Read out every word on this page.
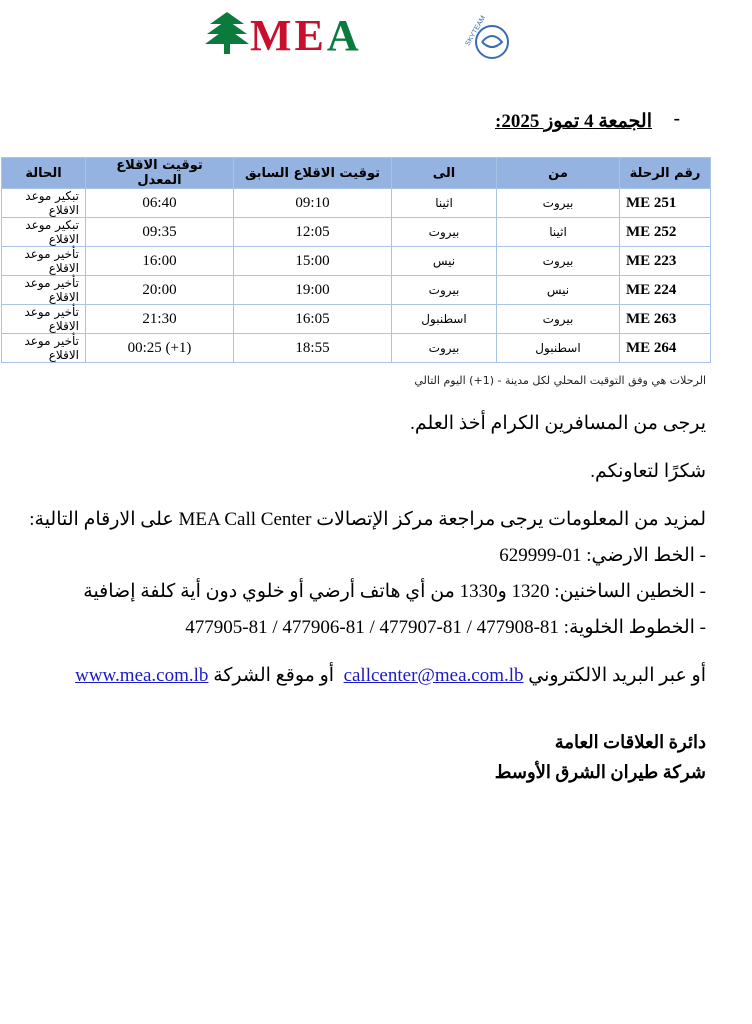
MEA	SKYTEAM
الجمعة 4 تموز 2025: -
رقم الرحلة	من	الى	توقيت الاقلاع السابق	توقيت الاقلاع المعدل	الحالة
ME 251	بيروت	اثينا	09:10	06:40	تبكير موعد الاقلاع
ME 252	اثينا	بيروت	12:05	09:35	تبكير موعد الاقلاع
ME 223	بيروت	نيس	15:00	16:00	تأخير موعد الاقلاع
ME 224	نيس	بيروت	19:00	20:00	تأخير موعد الاقلاع
ME 263	بيروت	اسطنبول	16:05	21:30	تأخير موعد الاقلاع
ME 264	اسطنبول	بيروت	18:55	00:25 (+1)	تأخير موعد الاقلاع
الرحلات هي وفق التوقيت المحلي لكل مدينة - (1+) اليوم التالي
يرجى من المسافرين الكرام أخذ العلم.
شكرًا لتعاونكم.
لمزيد من المعلومات يرجى مراجعة مركز الإتصالات MEA Call Center على الارقام التالية:
- الخط الارضي: 01-629999
- الخطين الساخنين: 1320 و1330 من أي هاتف أرضي أو خلوي دون أية كلفة إضافية
- الخطوط الخلوية: 81-477908 / 81-477907 / 81-477906 / 81-477905
أو عبر البريد الالكتروني callcenter@mea.com.lb  أو موقع الشركة www.mea.com.lb
دائرة العلاقات العامة
شركة طيران الشرق الأوسط
